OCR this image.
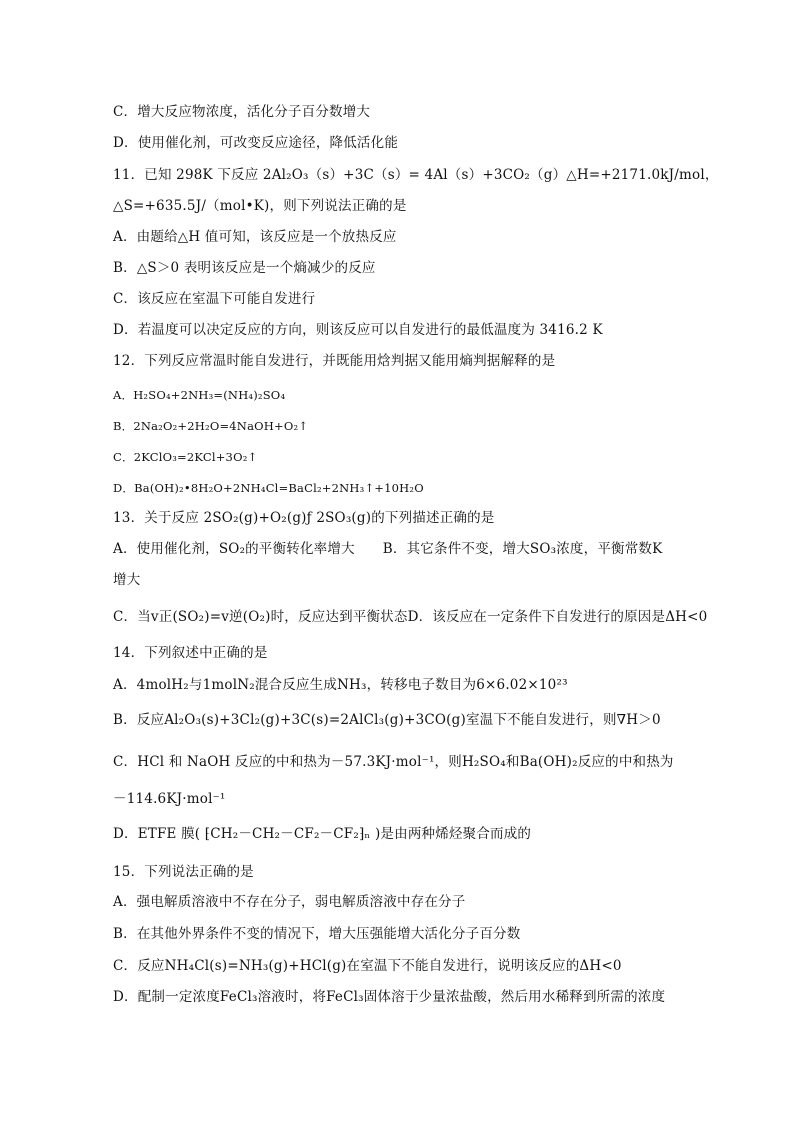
C．增大反应物浓度，活化分子百分数增大
D．使用催化剂，可改变反应途径，降低活化能
11．已知 298K 下反应 2Al₂O₃（s）+3C（s）= 4Al（s）+3CO₂（g）△H=+2171.0kJ/mol，
△S=+635.5J/（mol•K)，则下列说法正确的是
A．由题给△H 值可知，该反应是一个放热反应
B．△S＞0 表明该反应是一个熵减少的反应
C．该反应在室温下可能自发进行
D．若温度可以决定反应的方向，则该反应可以自发进行的最低温度为 3416.2 K
12．下列反应常温时能自发进行，并既能用焓判据又能用熵判据解释的是
A．H₂SO₄+2NH₃=(NH₄)₂SO₄
B．2Na₂O₂+2H₂O=4NaOH+O₂↑
C．2KClO₃=2KCl+3O₂↑
D．Ba(OH)₂•8H₂O+2NH₄Cl=BaCl₂+2NH₃↑+10H₂O
13．关于反应 2SO₂(g)+O₂(g)ƒ 2SO₃(g)的下列描述正确的是
A．使用催化剂，SO₂的平衡转化率增大 B．其它条件不变，增大SO₃浓度，平衡常数K
增大
C．当v正(SO₂)=v逆(O₂)时，反应达到平衡状态D．该反应在一定条件下自发进行的原因是ΔH<0
14．下列叙述中正确的是
A．4molH₂与1molN₂混合反应生成NH₃，转移电子数目为6×6.02×10²³
B．反应Al₂O₃(s)+3Cl₂(g)+3C(s)=2AlCl₃(g)+3CO(g)室温下不能自发进行，则∇H＞0
C．HCl 和 NaOH 反应的中和热为－57.3KJ·mol⁻¹，则H₂SO₄和Ba(OH)₂反应的中和热为
－114.6KJ·mol⁻¹
D．ETFE 膜( ⁅CH₂－CH₂－CF₂－CF₂⁆ₙ )是由两种烯烃聚合而成的
15．下列说法正确的是
A．强电解质溶液中不存在分子，弱电解质溶液中存在分子
B．在其他外界条件不变的情况下，增大压强能增大活化分子百分数
C．反应NH₄Cl(s)=NH₃(g)+HCl(g)在室温下不能自发进行，说明该反应的ΔH<0
D．配制一定浓度FeCl₃溶液时，将FeCl₃固体溶于少量浓盐酸，然后用水稀释到所需的浓度
